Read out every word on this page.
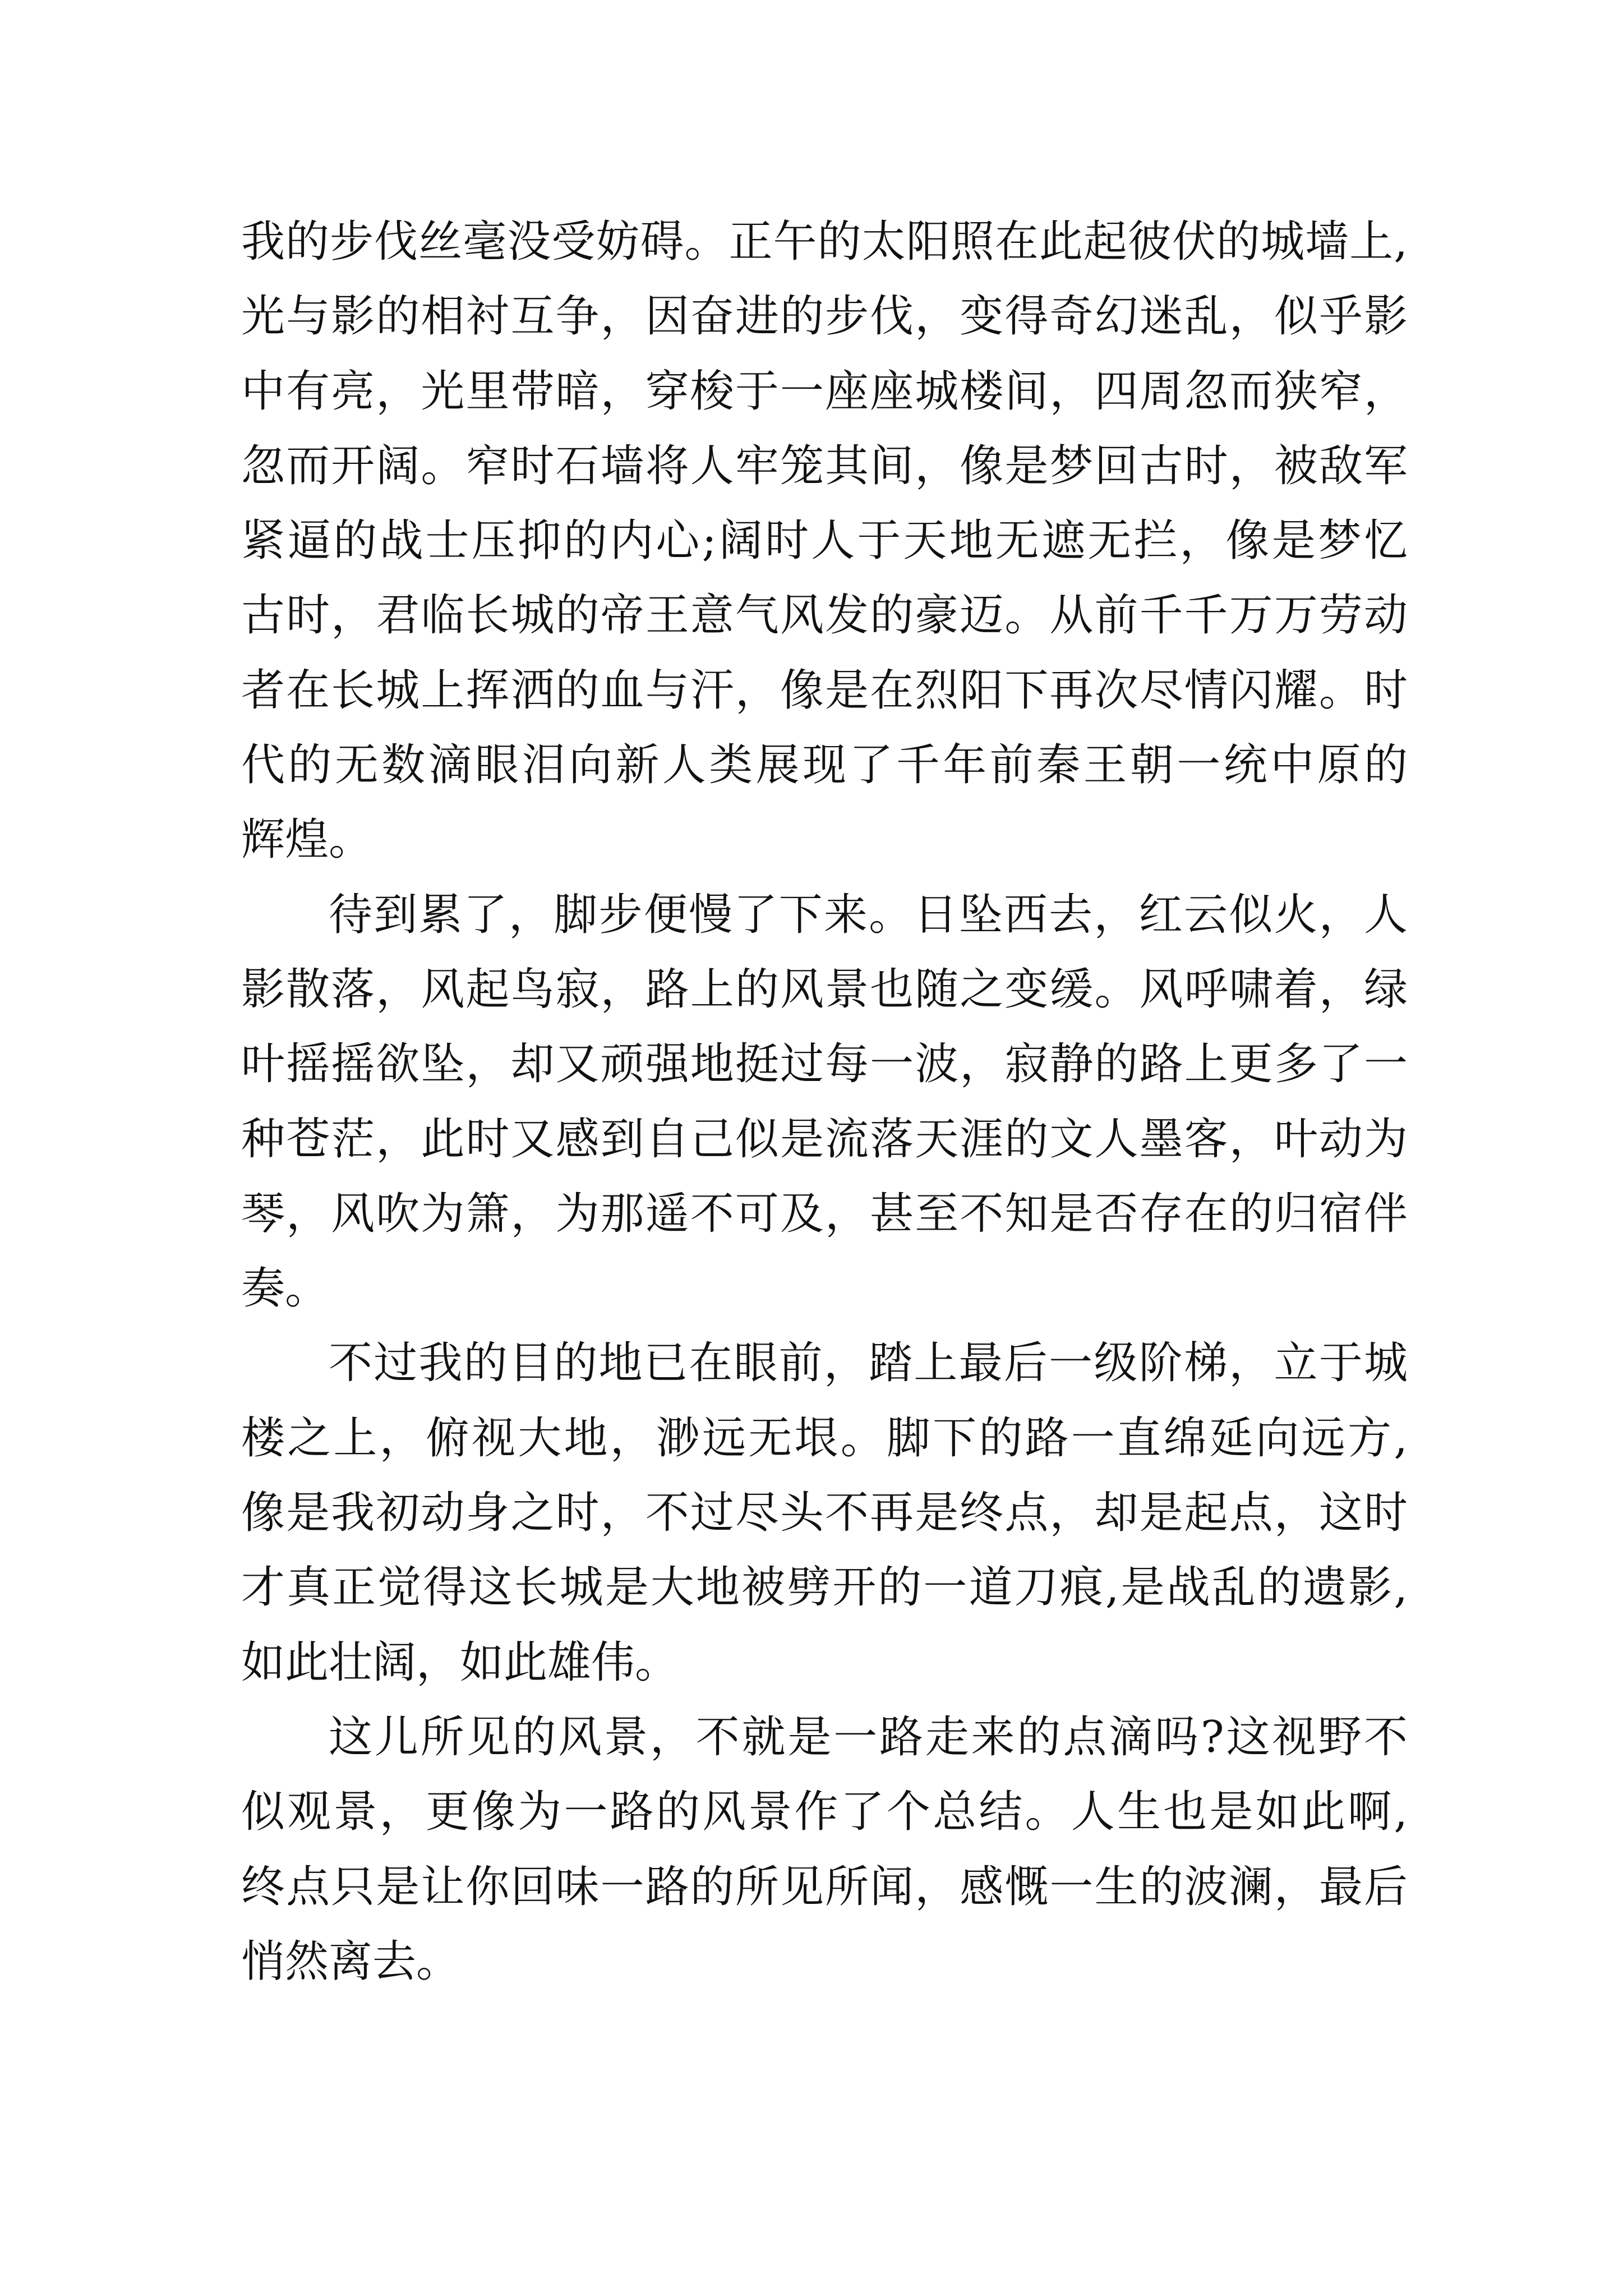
我的步伐丝毫没受妨碍。正午的太阳照在此起彼伏的城墙上,
光与影的相衬互争，因奋进的步伐，变得奇幻迷乱，似乎影
中有亮，光里带暗，穿梭于一座座城楼间，四周忽而狭窄，
忽而开阔。窄时石墙将人牢笼其间，像是梦回古时，被敌军
紧逼的战士压抑的内心;阔时人于天地无遮无拦，像是梦忆
古时，君临长城的帝王意气风发的豪迈。从前千千万万劳动
者在长城上挥洒的血与汗，像是在烈阳下再次尽情闪耀。时
代的无数滴眼泪向新人类展现了千年前秦王朝一统中原的
辉煌。
待到累了，脚步便慢了下来。日坠西去，红云似火，人
影散落，风起鸟寂，路上的风景也随之变缓。风呼啸着，绿
叶摇摇欲坠，却又顽强地挺过每一波，寂静的路上更多了一
种苍茫，此时又感到自己似是流落天涯的文人墨客，叶动为
琴，风吹为箫，为那遥不可及，甚至不知是否存在的归宿伴
奏。
不过我的目的地已在眼前，踏上最后一级阶梯，立于城
楼之上，俯视大地，渺远无垠。脚下的路一直绵延向远方,
像是我初动身之时，不过尽头不再是终点，却是起点，这时
才真正觉得这长城是大地被劈开的一道刀痕,是战乱的遗影,
如此壮阔，如此雄伟。
这儿所见的风景，不就是一路走来的点滴吗?这视野不
似观景，更像为一路的风景作了个总结。人生也是如此啊,
终点只是让你回味一路的所见所闻，感慨一生的波澜，最后
悄然离去。
